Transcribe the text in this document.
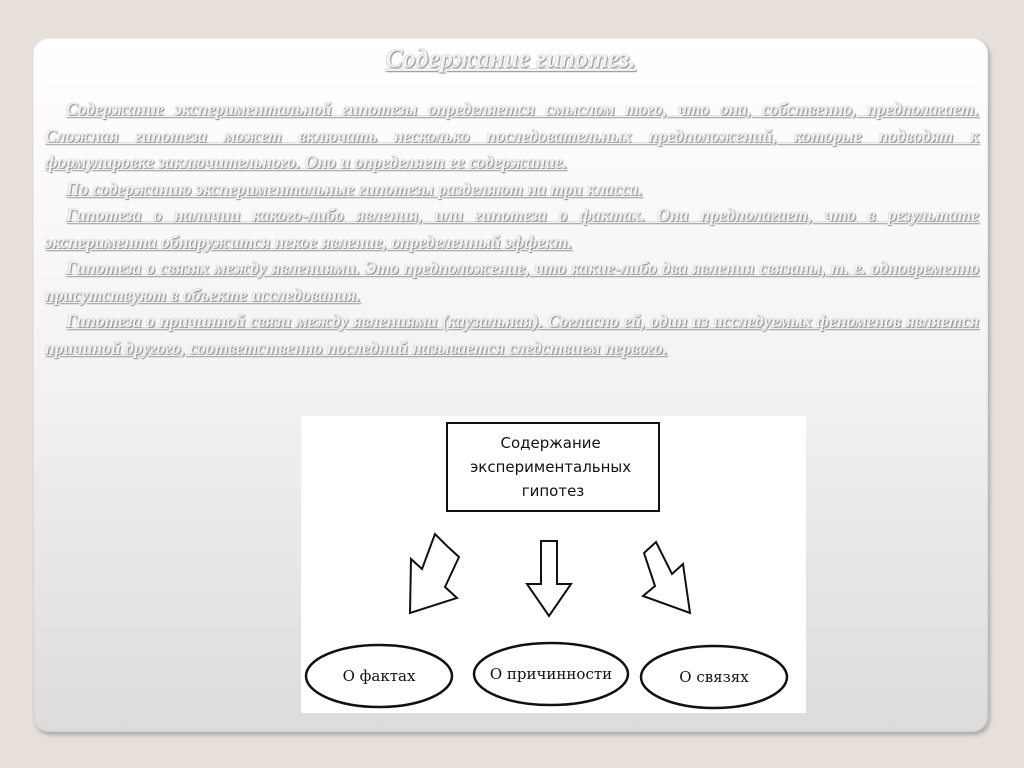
Содержание гипотез.

Содержание экспериментальной гипотезы определяется смыслом того, что она, собственно, предполагает. Сложная гипотеза может включать несколько последовательных предположений, которые подводят к формулировке заключительного. Оно и определяет ее содержание.

По содержанию экспериментальные гипотезы разделяют на три класса.

Гипотеза о наличии какого-либо явления, или гипотеза о фактах. Она предполагает, что в результате эксперимента обнаружится некое явление, определенный эффект.

Гипотеза о связях между явлениями. Это предположение, что какие-либо два явления связаны, т. е. одновременно присутствуют в объекте исследования.

Гипотеза о причинной связи между явлениями (каузальная). Согласно ей, один из исследуемых феноменов является причиной другого, соответственно последний называется следствием первого.

Содержание экспериментальных гипотез
О фактах	О причинности	О связях
